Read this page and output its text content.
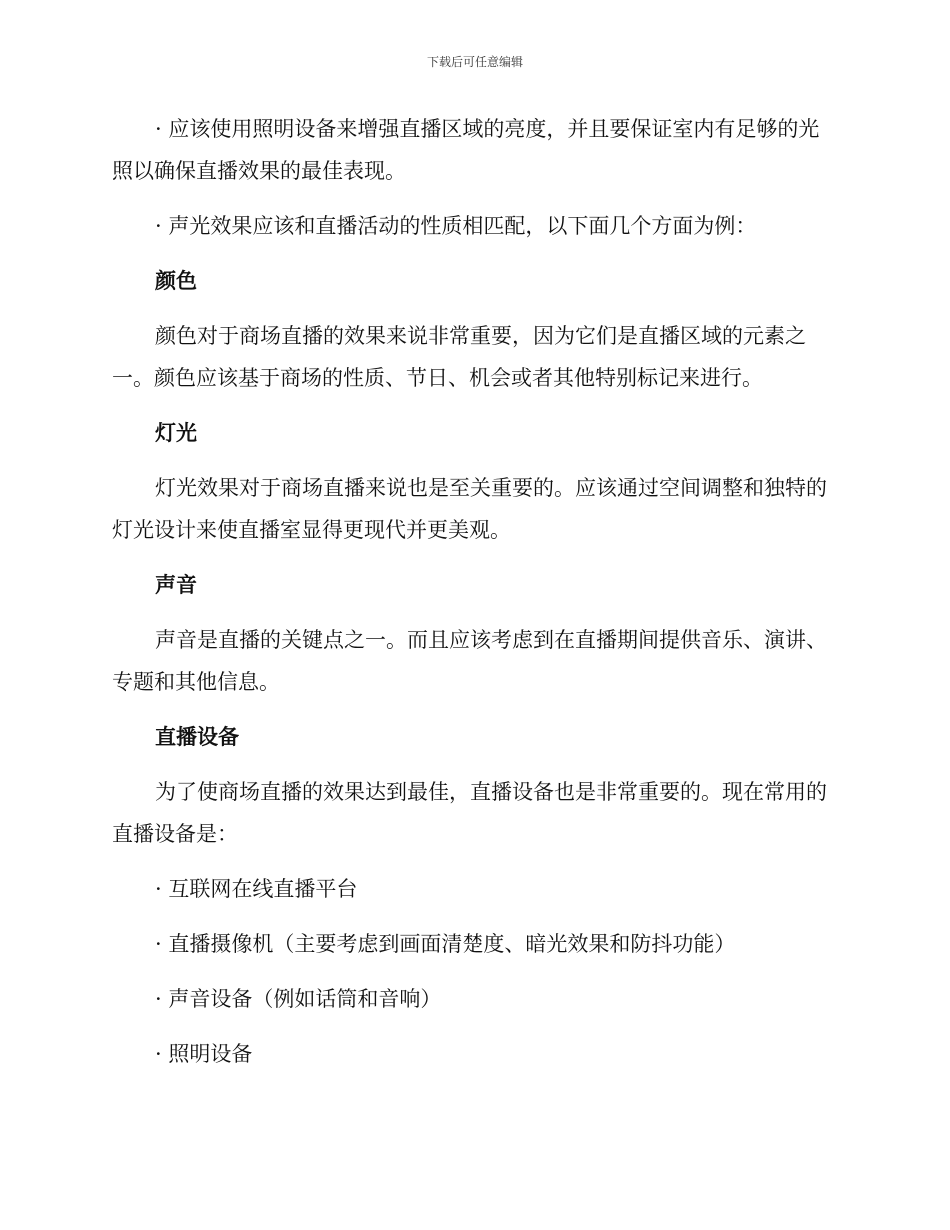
下载后可任意编辑

· 应该使用照明设备来增强直播区域的亮度，并且要保证室内有足够的光照以确保直播效果的最佳表现。

· 声光效果应该和直播活动的性质相匹配，以下面几个方面为例：

颜色

颜色对于商场直播的效果来说非常重要，因为它们是直播区域的元素之一。颜色应该基于商场的性质、节日、机会或者其他特别标记来进行。

灯光

灯光效果对于商场直播来说也是至关重要的。应该通过空间调整和独特的灯光设计来使直播室显得更现代并更美观。

声音

声音是直播的关键点之一。而且应该考虑到在直播期间提供音乐、演讲、专题和其他信息。

直播设备

为了使商场直播的效果达到最佳，直播设备也是非常重要的。现在常用的直播设备是：

· 互联网在线直播平台

· 直播摄像机（主要考虑到画面清楚度、暗光效果和防抖功能）

· 声音设备（例如话筒和音响）

· 照明设备
